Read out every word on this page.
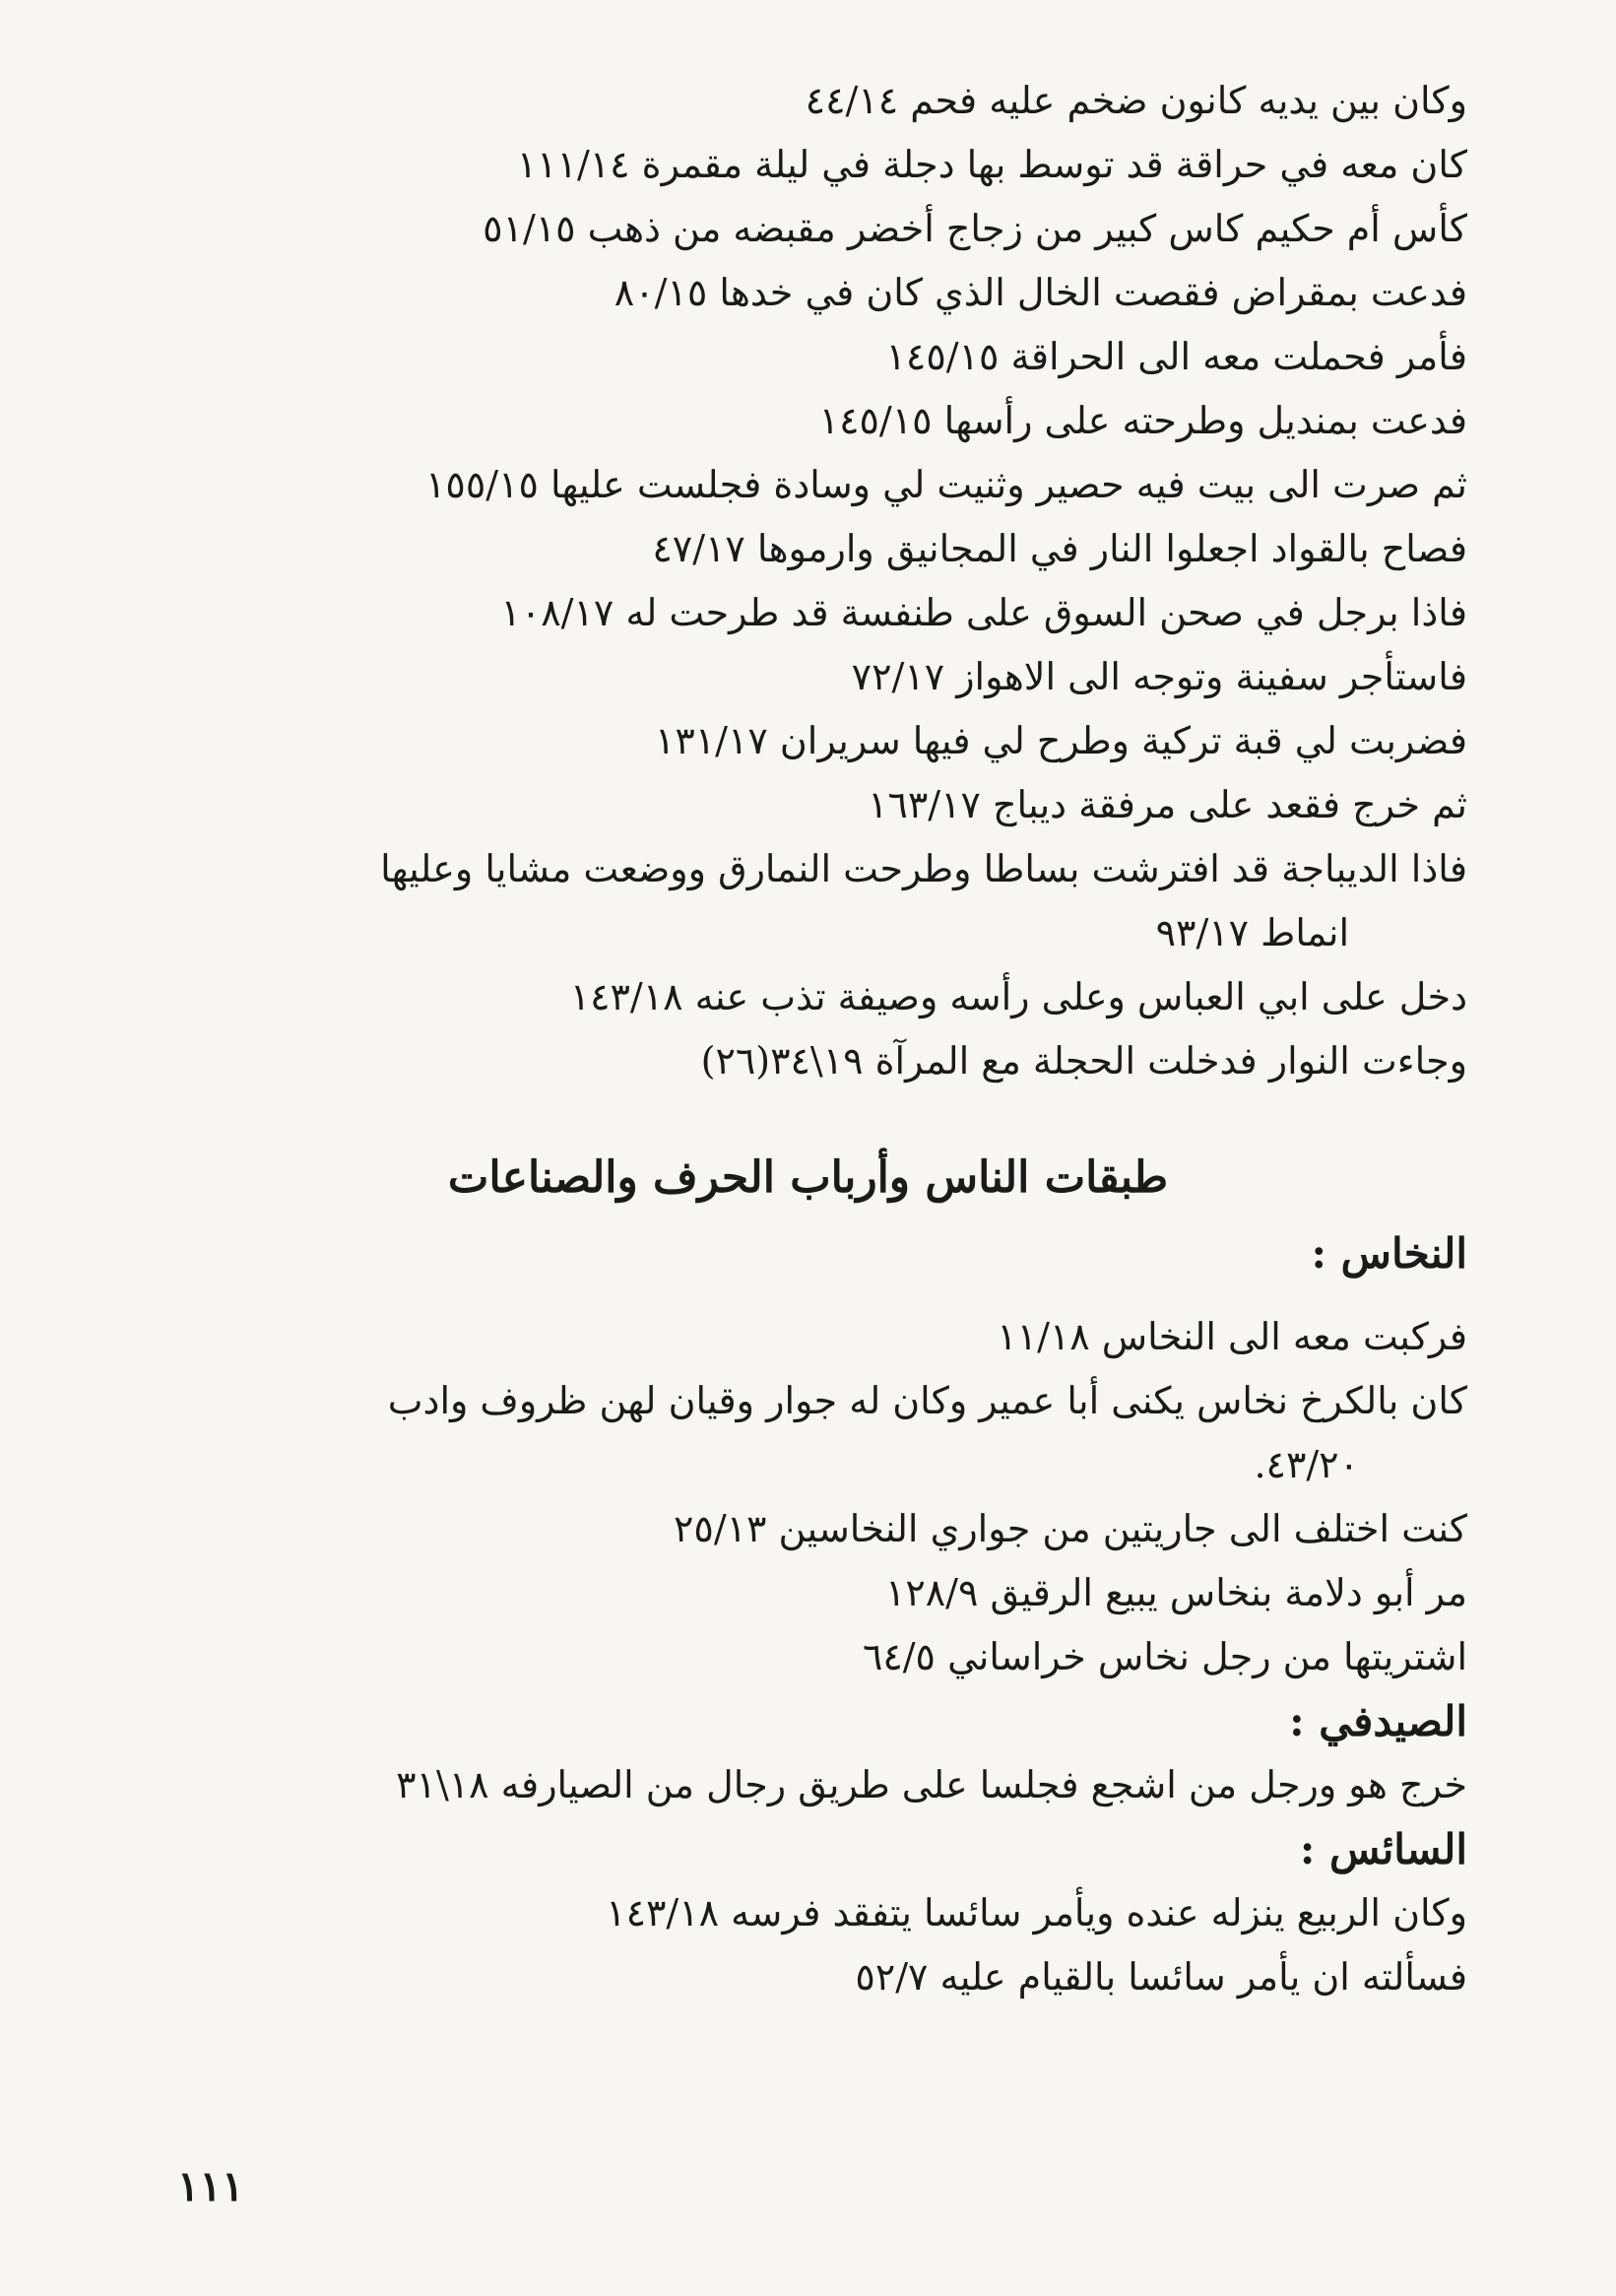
وكان بين يديه كانون ضخم عليه فحم ٤٤/١٤
كان معه في حراقة قد توسط بها دجلة في ليلة مقمرة ١١١/١٤
كأس أم حكيم كاس كبير من زجاج أخضر مقبضه من ذهب ٥١/١٥
فدعت بمقراض فقصت الخال الذي كان في خدها ٨٠/١٥
فأمر فحملت معه الى الحراقة ١٤٥/١٥
فدعت بمنديل وطرحته على رأسها ١٤٥/١٥
ثم صرت الى بيت فيه حصير وثنيت لي وسادة فجلست عليها ١٥٥/١٥
فصاح بالقواد اجعلوا النار في المجانيق وارموها ٤٧/١٧
فاذا برجل في صحن السوق على طنفسة قد طرحت له ١٠٨/١٧
فاستأجر سفينة وتوجه الى الاهواز ٧٢/١٧
فضربت لي قبة تركية وطرح لي فيها سريران ١٣١/١٧
ثم خرج فقعد على مرفقة ديباج ١٦٣/١٧
فاذا الديباجة قد افترشت بساطا وطرحت النمارق ووضعت مشايا وعليها
انماط ٩٣/١٧
دخل على ابي العباس وعلى رأسه وصيفة تذب عنه ١٤٣/١٨
وجاءت النوار فدخلت الحجلة مع المرآة ١٩\٣٤(٢٦)
طبقات الناس وأرباب الحرف والصناعات
النخاس :
فركبت معه الى النخاس ١١/١٨
كان بالكرخ نخاس يكنى أبا عمير وكان له جوار وقيان لهن ظروف وادب
٤٣/٢٠.
كنت اختلف الى جاريتين من جواري النخاسين ٢٥/١٣
مر أبو دلامة بنخاس يبيع الرقيق ١٢٨/٩
اشتريتها من رجل نخاس خراساني ٦٤/٥
الصيدفي :
خرج هو ورجل من اشجع فجلسا على طريق رجال من الصيارفه ١٨\٣١
السائس :
وكان الربيع ينزله عنده ويأمر سائسا يتفقد فرسه ١٤٣/١٨
فسألته ان يأمر سائسا بالقيام عليه ٥٢/٧
١١١
